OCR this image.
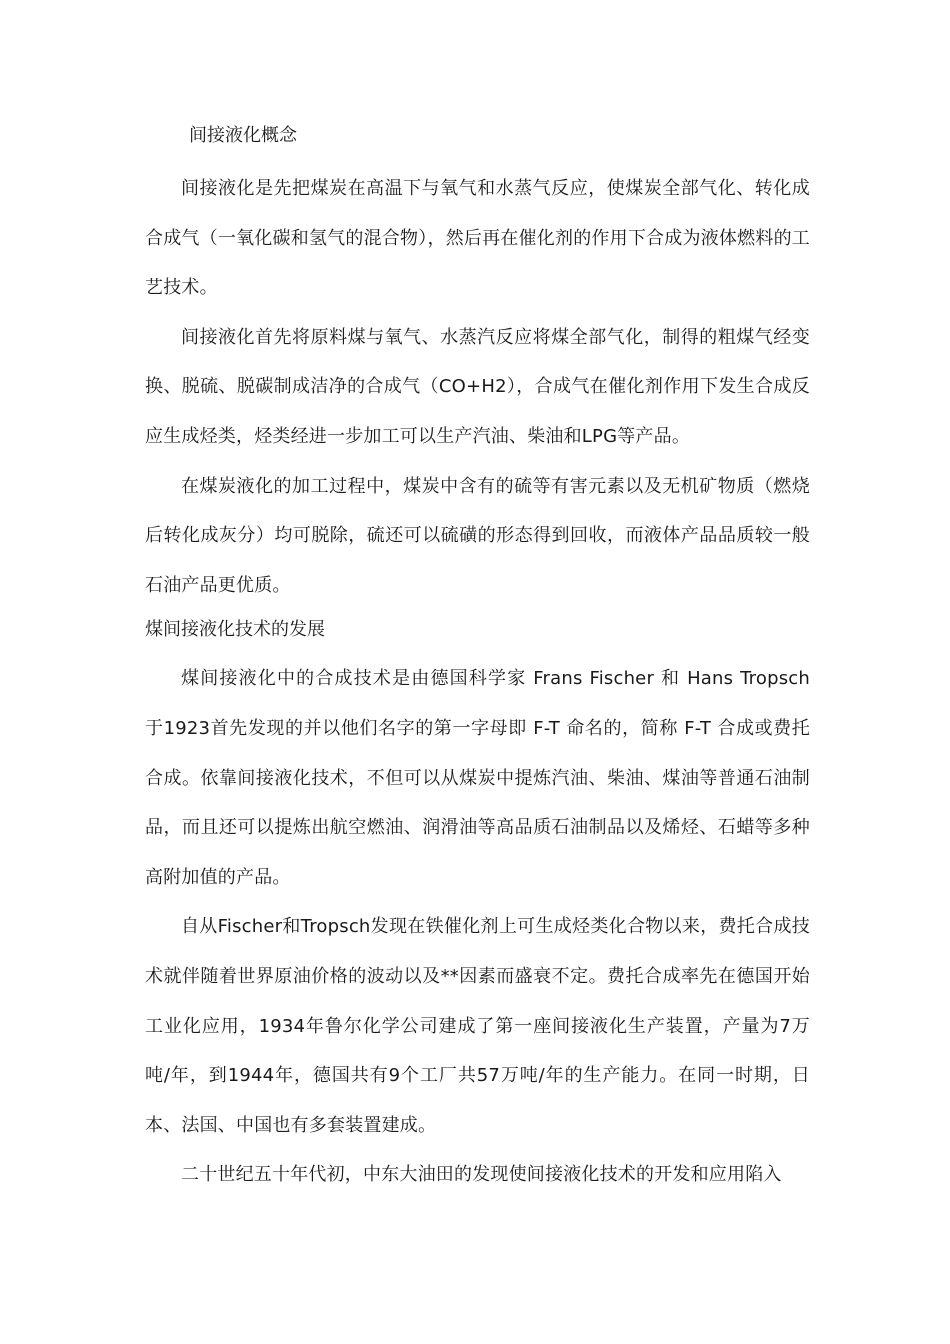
间接液化概念

间接液化是先把煤炭在高温下与氧气和水蒸气反应，使煤炭全部气化、转化成合成气（一氧化碳和氢气的混合物），然后再在催化剂的作用下合成为液体燃料的工艺技术。

间接液化首先将原料煤与氧气、水蒸汽反应将煤全部气化，制得的粗煤气经变换、脱硫、脱碳制成洁净的合成气（CO+H2），合成气在催化剂作用下发生合成反应生成烃类，烃类经进一步加工可以生产汽油、柴油和LPG等产品。

在煤炭液化的加工过程中，煤炭中含有的硫等有害元素以及无机矿物质（燃烧后转化成灰分）均可脱除，硫还可以硫磺的形态得到回收，而液体产品品质较一般石油产品更优质。

煤间接液化技术的发展

煤间接液化中的合成技术是由德国科学家 Frans Fischer 和 Hans Tropsch 于1923首先发现的并以他们名字的第一字母即 F-T 命名的，简称 F-T 合成或费托合成。依靠间接液化技术，不但可以从煤炭中提炼汽油、柴油、煤油等普通石油制品，而且还可以提炼出航空燃油、润滑油等高品质石油制品以及烯烃、石蜡等多种高附加值的产品。

自从Fischer和Tropsch发现在铁催化剂上可生成烃类化合物以来，费托合成技术就伴随着世界原油价格的波动以及**因素而盛衰不定。费托合成率先在德国开始工业化应用，1934年鲁尔化学公司建成了第一座间接液化生产装置，产量为7万吨/年，到1944年，德国共有9个工厂共57万吨/年的生产能力。在同一时期，日本、法国、中国也有多套装置建成。

二十世纪五十年代初，中东大油田的发现使间接液化技术的开发和应用陷入
